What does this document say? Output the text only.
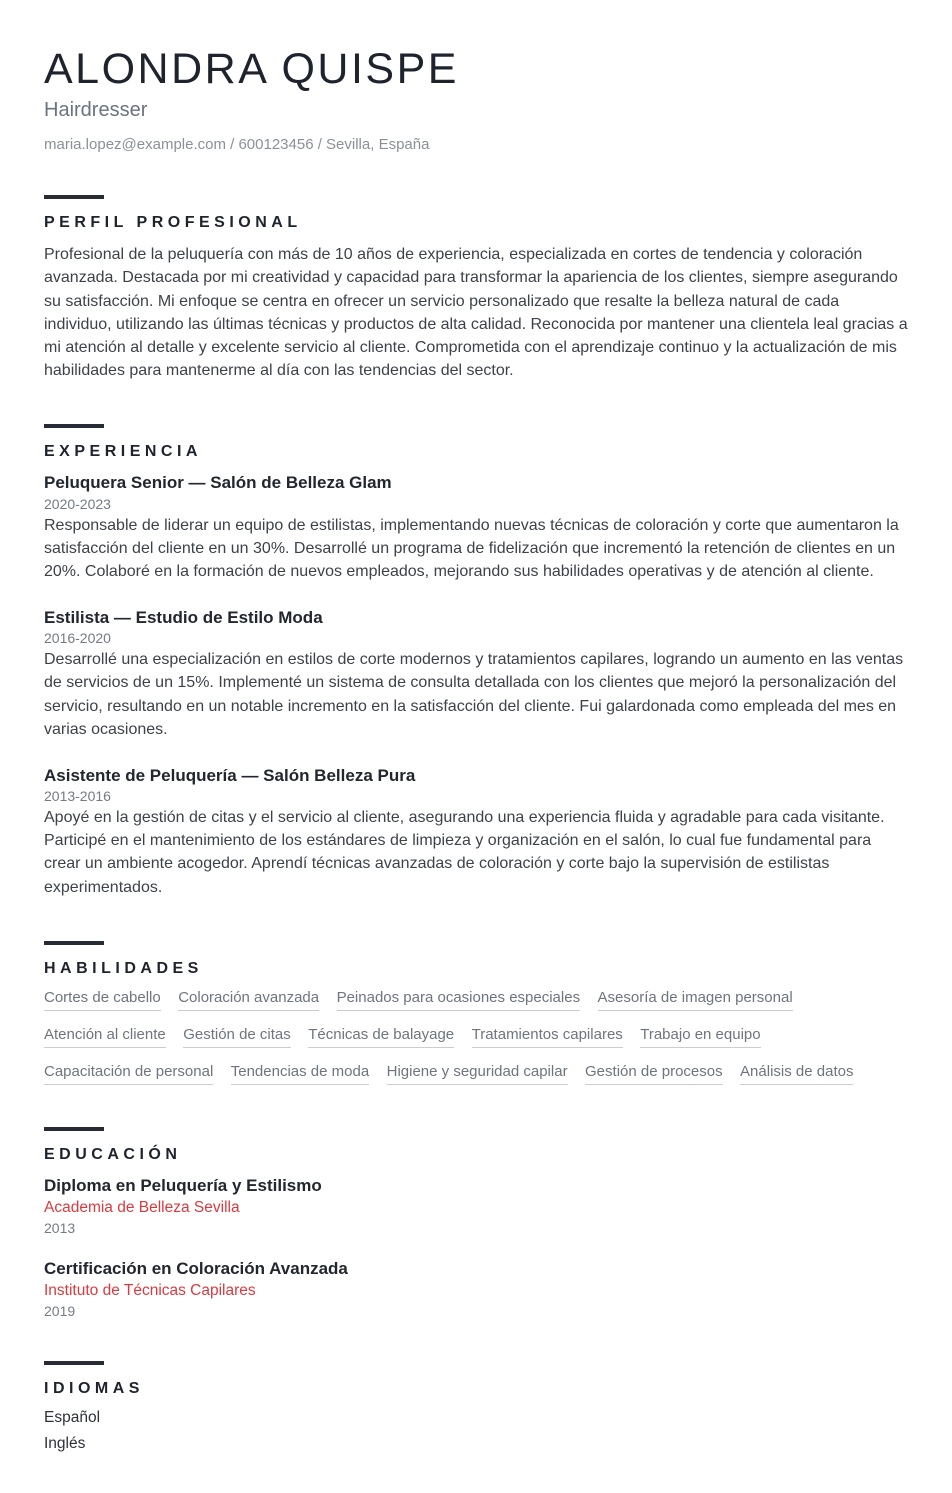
ALONDRA QUISPE
Hairdresser
maria.lopez@example.com / 600123456 / Sevilla, España
PERFIL PROFESIONAL

Profesional de la peluquería con más de 10 años de experiencia, especializada en cortes de tendencia y coloración avanzada. Destacada por mi creatividad y capacidad para transformar la apariencia de los clientes, siempre asegurando su satisfacción. Mi enfoque se centra en ofrecer un servicio personalizado que resalte la belleza natural de cada individuo, utilizando las últimas técnicas y productos de alta calidad. Reconocida por mantener una clientela leal gracias a mi atención al detalle y excelente servicio al cliente. Comprometida con el aprendizaje continuo y la actualización de mis habilidades para mantenerme al día con las tendencias del sector.

EXPERIENCIA
Peluquera Senior — Salón de Belleza Glam
2020-2023

Responsable de liderar un equipo de estilistas, implementando nuevas técnicas de coloración y corte que aumentaron la satisfacción del cliente en un 30%. Desarrollé un programa de fidelización que incrementó la retención de clientes en un 20%. Colaboré en la formación de nuevos empleados, mejorando sus habilidades operativas y de atención al cliente.

Estilista — Estudio de Estilo Moda
2016-2020

Desarrollé una especialización en estilos de corte modernos y tratamientos capilares, logrando un aumento en las ventas de servicios de un 15%. Implementé un sistema de consulta detallada con los clientes que mejoró la personalización del servicio, resultando en un notable incremento en la satisfacción del cliente. Fui galardonada como empleada del mes en varias ocasiones.

Asistente de Peluquería — Salón Belleza Pura
2013-2016

Apoyé en la gestión de citas y el servicio al cliente, asegurando una experiencia fluida y agradable para cada visitante. Participé en el mantenimiento de los estándares de limpieza y organización en el salón, lo cual fue fundamental para crear un ambiente acogedor. Aprendí técnicas avanzadas de coloración y corte bajo la supervisión de estilistas experimentados.

HABILIDADES
Cortes de cabello Coloración avanzada Peinados para ocasiones especiales Asesoría de imagen personal
Atención al cliente Gestión de citas Técnicas de balayage Tratamientos capilares Trabajo en equipo
Capacitación de personal Tendencias de moda Higiene y seguridad capilar Gestión de procesos Análisis de datos
EDUCACIÓN
Diploma en Peluquería y Estilismo
Academia de Belleza Sevilla
2013
Certificación en Coloración Avanzada
Instituto de Técnicas Capilares
2019
IDIOMAS
Español
Inglés
